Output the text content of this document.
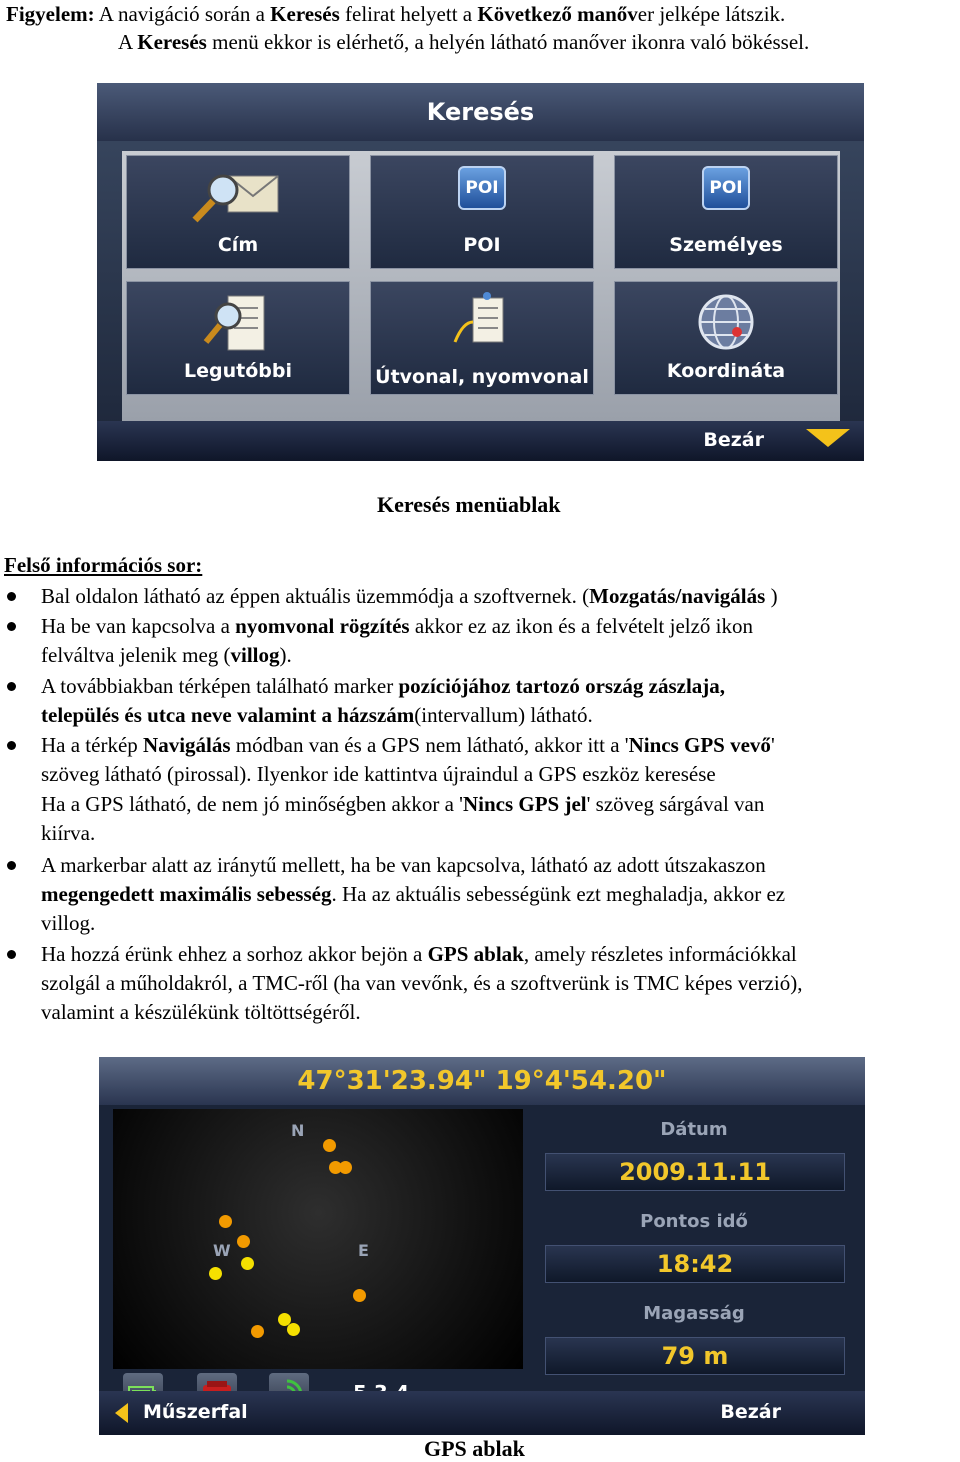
Figyelem: A navigáció során a Keresés felirat helyett a Következő manőver jelképe látszik.
A Keresés menü ekkor is elérhető, a helyén látható manőver ikonra való bökéssel.
Keresés
Cím
POI
POI
POI
Személyes
Legutóbbi	Útvonal, nyomvonal	Koordináta
Bezár
Keresés menüablak
Felső információs sor:
Bal oldalon látható az éppen aktuális üzemmódja a szoftvernek. (Mozgatás/navigálás )
Ha be van kapcsolva a nyomvonal rögzítés akkor ez az ikon és a felvételt jelző ikon
felváltva jelenik meg (villog).
A továbbiakban térképen található marker pozíciójához tartozó ország zászlaja,
település és utca neve valamint a házszám(intervallum) látható.
Ha a térkép Navigálás módban van és a GPS nem látható, akkor itt a 'Nincs GPS vevő'
szöveg látható (pirossal). Ilyenkor ide kattintva újraindul a GPS eszköz keresése
Ha a GPS látható, de nem jó minőségben akkor a 'Nincs GPS jel' szöveg sárgával van
kiírva.
A markerbar alatt az iránytű mellett, ha be van kapcsolva, látható az adott útszakaszon
megengedett maximális sebesség. Ha az aktuális sebességünk ezt meghaladja, akkor ez
villog.
Ha hozzá érünk ehhez a sorhoz akkor bejön a GPS ablak, amely részletes információkkal
szolgál a műholdakról, a TMC-ről (ha van vevőnk, és a szoftverünk is TMC képes verzió),
valamint a készülékünk töltöttségéről.
47°31'23.94" 19°4'54.20"
N
W	E
Dátum
2009.11.11
Pontos idő
18:42
Magasság
79 m
Műszerfal	Bezár
GPS ablak
